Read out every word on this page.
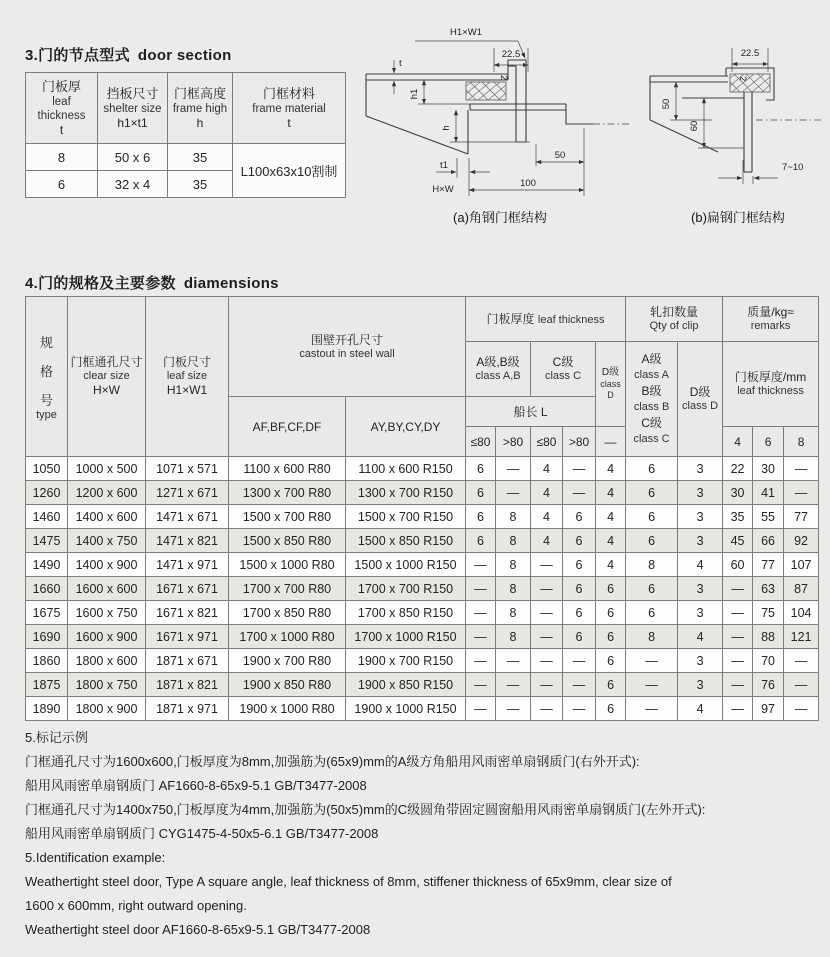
3.门的节点型式 door section
门板厚
leaf thickness
t

挡板尺寸
shelter size
h1×t1

门框高度
frame high
h

门框材料
frame material
t

8	50 x 6	35	L100x63x10割制
6	32 x 4	35	
H1×W1
22.5
2
t
h1
h
t1
H×W
50
100
(a)角钢门框结构
22.5
2
50
60
7~10
(b)扁钢门框结构
4.门的规格及主要参数 diamensions
规
格
号
type

门框通孔尺寸
clear size
H×W

门板尺寸
leaf size
H1×W1

围壁开孔尺寸
castout in steel wall
	门板厚度 leaf thickness	
轧扣数量
Qty of clip

质量/kg≈
remarks

A级,B级
class A,B

C级
class C	D级
class D

A级
class A
B级
class B
C级
class C

D级
class D

门板厚度/mm
leaf thickness

			AF,BF,CF,DF	AY,BY,CY,DY	船长 L									
					≤80	>80	≤80	>80	—			4	6	8
1050	1000 x 500	1071 x 571	1100 x 600 R80	1100 x 600 R150	6	—	4	—	4	6	3	22	30	—
1260	1200 x 600	1271 x 671	1300 x 700 R80	1300 x 700 R150	6	—	4	—	4	6	3	30	41	—
1460	1400 x 600	1471 x 671	1500 x 700 R80	1500 x 700 R150	6	8	4	6	4	6	3	35	55	77
1475	1400 x 750	1471 x 821	1500 x 850 R80	1500 x 850 R150	6	8	4	6	4	6	3	45	66	92
1490	1400 x 900	1471 x 971	1500 x 1000 R80	1500 x 1000 R150	—	8	—	6	4	8	4	60	77	107
1660	1600 x 600	1671 x 671	1700 x 700 R80	1700 x 700 R150	—	8	—	6	6	6	3	—	63	87
1675	1600 x 750	1671 x 821	1700 x 850 R80	1700 x 850 R150	—	8	—	6	6	6	3	—	75	104
1690	1600 x 900	1671 x 971	1700 x 1000 R80	1700 x 1000 R150	—	8	—	6	6	8	4	—	88	121
1860	1800 x 600	1871 x 671	1900 x 700 R80	1900 x 700 R150	—	—	—	—	6	—	3	—	70	—
1875	1800 x 750	1871 x 821	1900 x 850 R80	1900 x 850 R150	—	—	—	—	6	—	3	—	76	—
1890	1800 x 900	1871 x 971	1900 x 1000 R80	1900 x 1000 R150	—	—	—	—	6	—	4	—	97	—
5.标记示例
门框通孔尺寸为1600x600,门板厚度为8mm,加强筋为(65x9)mm的A级方角船用风雨密单扇钢质门(右外开式):
船用风雨密单扇钢质门 AF1660-8-65x9-5.1 GB/T3477-2008
门框通孔尺寸为1400x750,门板厚度为4mm,加强筋为(50x5)mm的C级圆角带固定圆窗船用风雨密单扇钢质门(左外开式):
船用风雨密单扇钢质门 CYG1475-4-50x5-6.1 GB/T3477-2008
5.Identification example:
Weathertight steel door, Type A square angle, leaf thickness of 8mm, stiffener thickness of 65x9mm, clear size of
1600 x 600mm, right outward opening.
Weathertight steel door AF1660-8-65x9-5.1 GB/T3477-2008
